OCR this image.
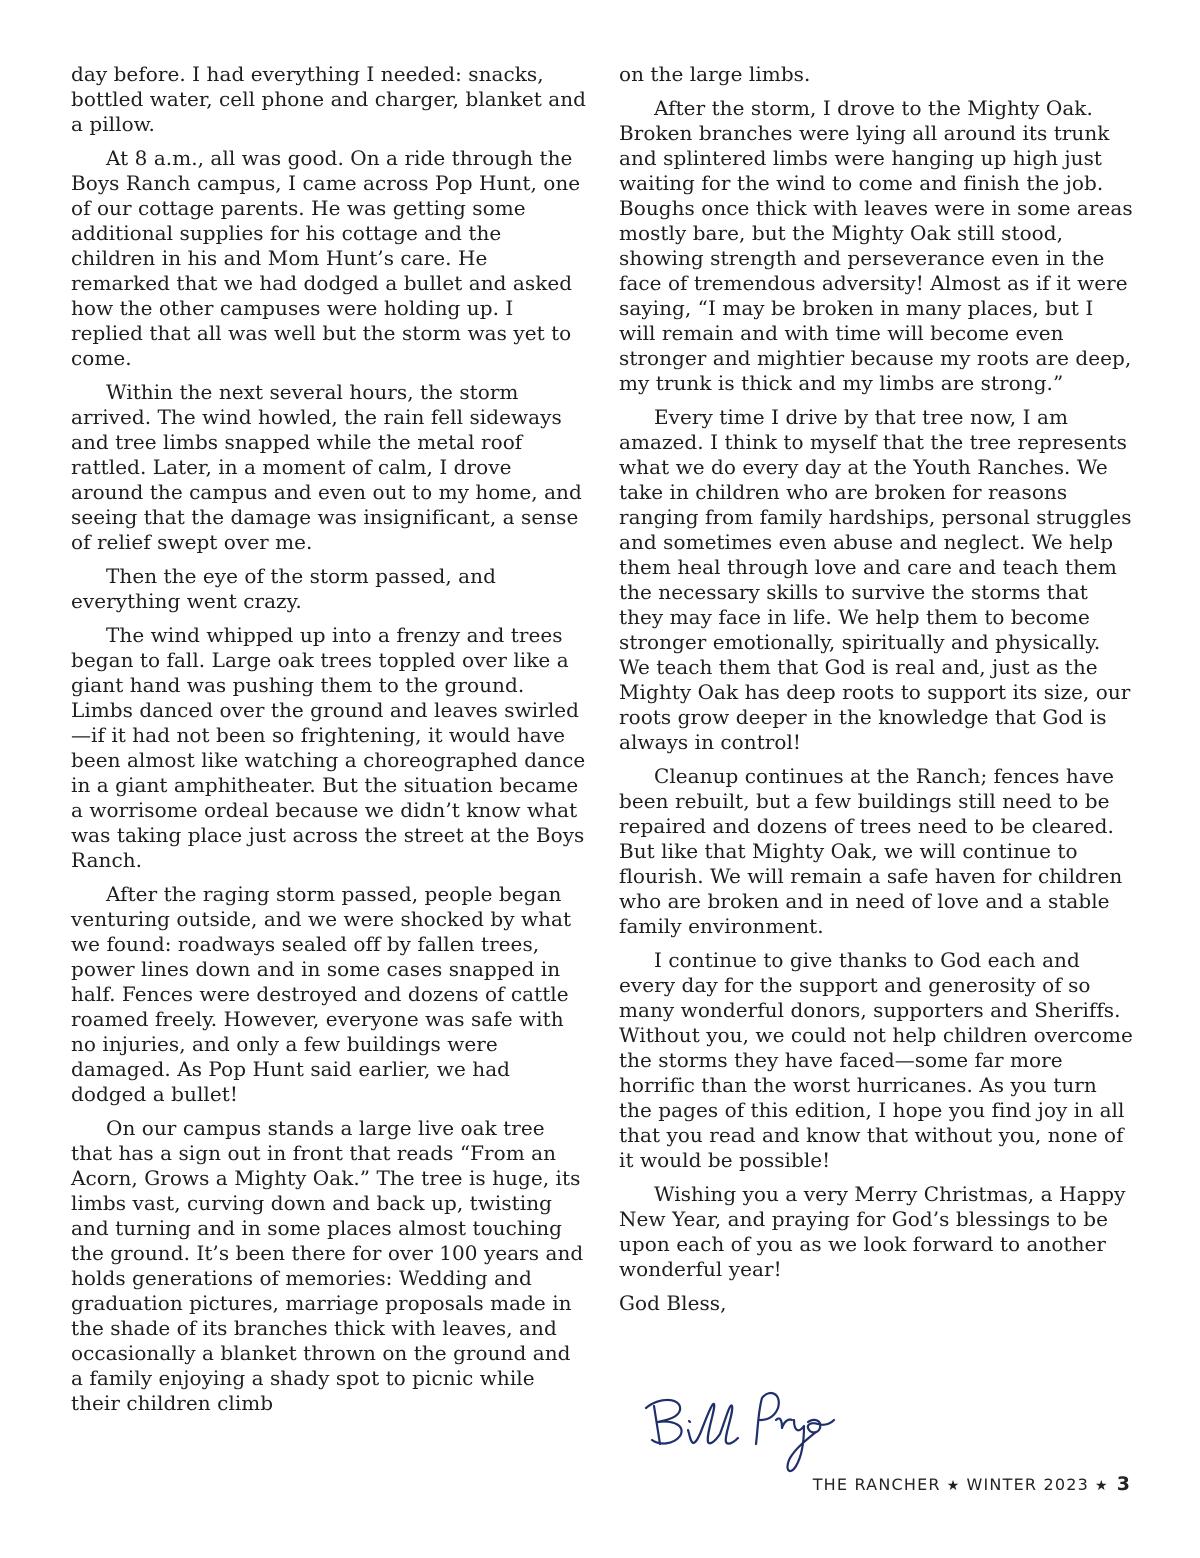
day before. I had everything I needed: snacks, bottled water, cell phone and charger, blanket and a pillow.

At 8 a.m., all was good. On a ride through the Boys Ranch campus, I came across Pop Hunt, one of our cottage parents. He was getting some additional supplies for his cottage and the children in his and Mom Hunt’s care. He remarked that we had dodged a bullet and asked how the other campuses were holding up. I replied that all was well but the storm was yet to come.

Within the next several hours, the storm arrived. The wind howled, the rain fell sideways and tree limbs snapped while the metal roof rattled. Later, in a moment of calm, I drove around the campus and even out to my home, and seeing that the damage was insignificant, a sense of relief swept over me.

Then the eye of the storm passed, and everything went crazy.

The wind whipped up into a frenzy and trees began to fall. Large oak trees toppled over like a giant hand was pushing them to the ground. Limbs danced over the ground and leaves swirled—if it had not been so frightening, it would have been almost like watching a choreographed dance in a giant amphitheater. But the situation became a worrisome ordeal because we didn’t know what was taking place just across the street at the Boys Ranch.

After the raging storm passed, people began venturing outside, and we were shocked by what we found: roadways sealed off by fallen trees, power lines down and in some cases snapped in half. Fences were destroyed and dozens of cattle roamed freely. However, everyone was safe with no injuries, and only a few buildings were damaged. As Pop Hunt said earlier, we had dodged a bullet!

On our campus stands a large live oak tree that has a sign out in front that reads “From an Acorn, Grows a Mighty Oak.” The tree is huge, its limbs vast, curving down and back up, twisting and turning and in some places almost touching the ground. It’s been there for over 100 years and holds generations of memories: Wedding and graduation pictures, marriage proposals made in the shade of its branches thick with leaves, and occasionally a blanket thrown on the ground and a family enjoying a shady spot to picnic while their children climb

on the large limbs.

After the storm, I drove to the Mighty Oak. Broken branches were lying all around its trunk and splintered limbs were hanging up high just waiting for the wind to come and finish the job. Boughs once thick with leaves were in some areas mostly bare, but the Mighty Oak still stood, showing strength and perseverance even in the face of tremendous adversity! Almost as if it were saying, “I may be broken in many places, but I will remain and with time will become even stronger and mightier because my roots are deep, my trunk is thick and my limbs are strong.”

Every time I drive by that tree now, I am amazed. I think to myself that the tree represents what we do every day at the Youth Ranches. We take in children who are broken for reasons ranging from family hardships, personal struggles and sometimes even abuse and neglect. We help them heal through love and care and teach them the necessary skills to survive the storms that they may face in life. We help them to become stronger emotionally, spiritually and physically. We teach them that God is real and, just as the Mighty Oak has deep roots to support its size, our roots grow deeper in the knowledge that God is always in control!

Cleanup continues at the Ranch; fences have been rebuilt, but a few buildings still need to be repaired and dozens of trees need to be cleared. But like that Mighty Oak, we will continue to flourish. We will remain a safe haven for children who are broken and in need of love and a stable family environment.

I continue to give thanks to God each and every day for the support and generosity of so many wonderful donors, supporters and Sheriffs. Without you, we could not help children overcome the storms they have faced—some far more horrific than the worst hurricanes. As you turn the pages of this edition, I hope you find joy in all that you read and know that without you, none of it would be possible!

Wishing you a very Merry Christmas, a Happy New Year, and praying for God’s blessings to be upon each of you as we look forward to another wonderful year!

God Bless,

THE RANCHER ★ WINTER 2023 ★ 3
